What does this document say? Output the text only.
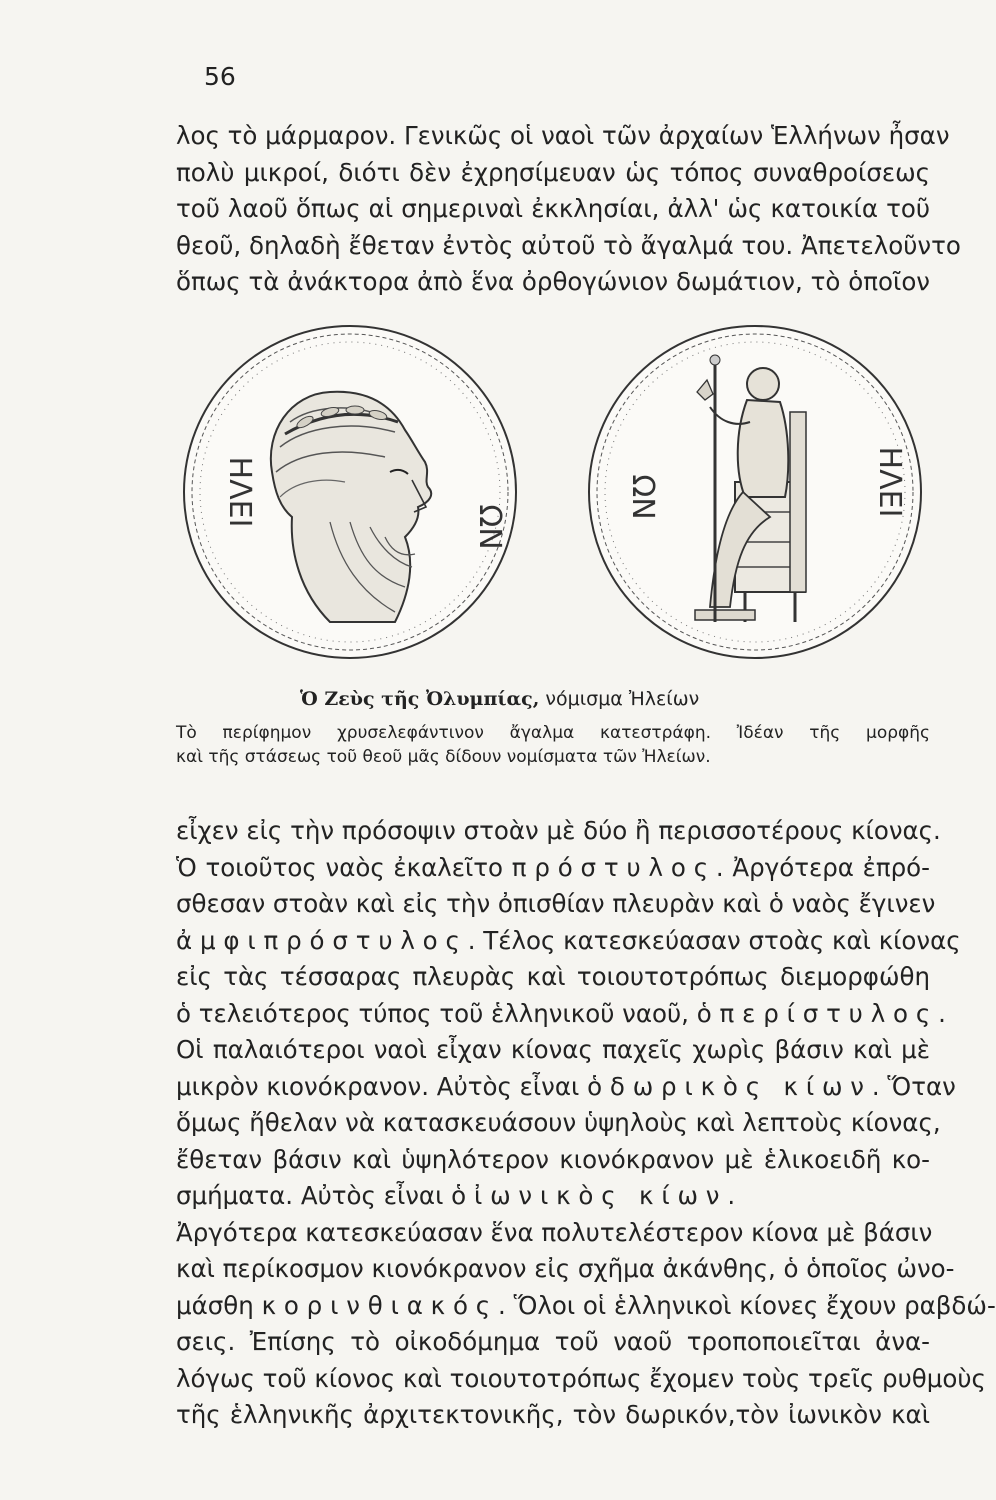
56
λος τὸ μάρμαρον. Γενικῶς οἱ ναοὶ τῶν ἀρχαίων Ἑλλήνων ἦσαν
πολὺ μικροί, διότι δὲν ἐχρησίμευαν ὡς τόπος συναθροίσεως
τοῦ λαοῦ ὅπως αἱ σημεριναὶ ἐκκλησίαι, ἀλλ' ὡς κατοικία τοῦ
θεοῦ, δηλαδὴ ἔθεταν ἐντὸς αὐτοῦ τὸ ἄγαλμά του. Ἀπετελοῦντο
ὅπως τὰ ἀνάκτορα ἀπὸ ἕνα ὀρθογώνιον δωμάτιον, τὸ ὁποῖον
ΗΛΕΙ	ΩΝ
ΩΝ	ΗΛΕΙ
Ὁ Ζεὺς τῆς Ὀλυμπίας, νόμισμα Ἠλείων
Τὸ περίφημον χρυσελεφάντινον ἄγαλμα κατεστράφη. Ἰδέαν τῆς μορφῆς
καὶ τῆς στάσεως τοῦ θεοῦ μᾶς δίδουν νομίσματα τῶν Ἠλείων.
εἶχεν εἰς τὴν πρόσοψιν στοὰν μὲ δύο ἢ περισσοτέρους κίονας.
Ὁ τοιοῦτος ναὸς ἐκαλεῖτο πρόστυλος. Ἀργότερα ἐπρό-
σθεσαν στοὰν καὶ εἰς τὴν ὀπισθίαν πλευρὰν καὶ ὁ ναὸς ἔγινεν
ἀμφιπρόστυλος. Τέλος κατεσκεύασαν στοὰς καὶ κίονας
εἰς τὰς τέσσαρας πλευρὰς καὶ τοιουτοτρόπως διεμορφώθη
ὁ τελειότερος τύπος τοῦ ἑλληνικοῦ ναοῦ, ὁ περίστυλος.
Οἱ παλαιότεροι ναοὶ εἶχαν κίονας παχεῖς χωρὶς βάσιν καὶ μὲ
μικρὸν κιονόκρανον. Αὐτὸς εἶναι ὁ δωρικὸς κίων. Ὅταν
ὅμως ἤθελαν νὰ κατασκευάσουν ὑψηλοὺς καὶ λεπτοὺς κίονας,
ἔθεταν βάσιν καὶ ὑψηλότερον κιονόκρανον μὲ ἑλικοειδῆ κο-
σμήματα. Αὐτὸς εἶναι ὁ ἰωνικὸς κίων.
Ἀργότερα κατεσκεύασαν ἕνα πολυτελέστερον κίονα μὲ βάσιν
καὶ περίκοσμον κιονόκρανον εἰς σχῆμα ἀκάνθης, ὁ ὁποῖος ὠνο-
μάσθη κορινθιακός. Ὅλοι οἱ ἑλληνικοὶ κίονες ἔχουν ραβδώ-
σεις. Ἐπίσης τὸ οἰκοδόμημα τοῦ ναοῦ τροποποιεῖται ἀνα-
λόγως τοῦ κίονος καὶ τοιουτοτρόπως ἔχομεν τοὺς τρεῖς ρυθμοὺς
τῆς ἑλληνικῆς ἀρχιτεκτονικῆς, τὸν δωρικόν,τὸν ἰωνικὸν καὶ
